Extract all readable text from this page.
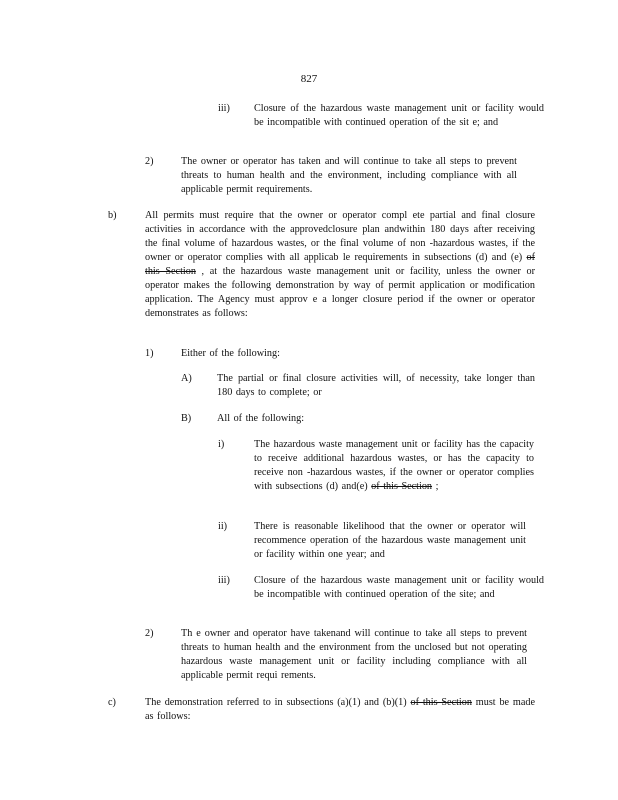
827
iii) Closure of the hazardous waste management unit or facility would be incompatible with continued operation of the sit e; and
2)	The owner or operator has taken and will continue to take all steps to prevent threats to human health and the environment, including compliance with all applicable permit requirements.
b)	All permits must require that the owner or operator compl ete partial and final closure activities in accordance with the approvedclosure plan andwithin 180 days after receiving the final volume of hazardous wastes, or the final volume of non -hazardous wastes, if the owner or operator complies with all applicab le requirements in subsections (d) and (e) of this Section , at the hazardous waste management unit or facility, unless the owner or operator makes the following demonstration by way of permit application or modification application. The Agency must approv e a longer closure period if the owner or operator demonstrates as follows:
1)	Either of the following:
A) The partial or final closure activities will, of necessity, take longer than 180 days to complete; or
B)	All of the following:
i)	The hazardous waste management unit or facility has the capacity to receive additional hazardous wastes, or has the capacity to receive non -hazardous wastes, if the owner or operator complies with subsections (d) and(e) of this Section ;
ii)	There is reasonable likelihood that the owner or operator will recommence operation of the hazardous waste management unit or facility within one year; and
iii) Closure of the hazardous waste management unit or facility would be incompatible with continued operation of the site; and
2)	Th e owner and operator have takenand will continue to take all steps to prevent threats to human health and the environment from the unclosed but not operating hazardous waste management unit or facility including compliance with all applicable permit requi rements.
c)	The demonstration referred to in subsections (a)(1) and (b)(1) of this Section must be made as follows:
